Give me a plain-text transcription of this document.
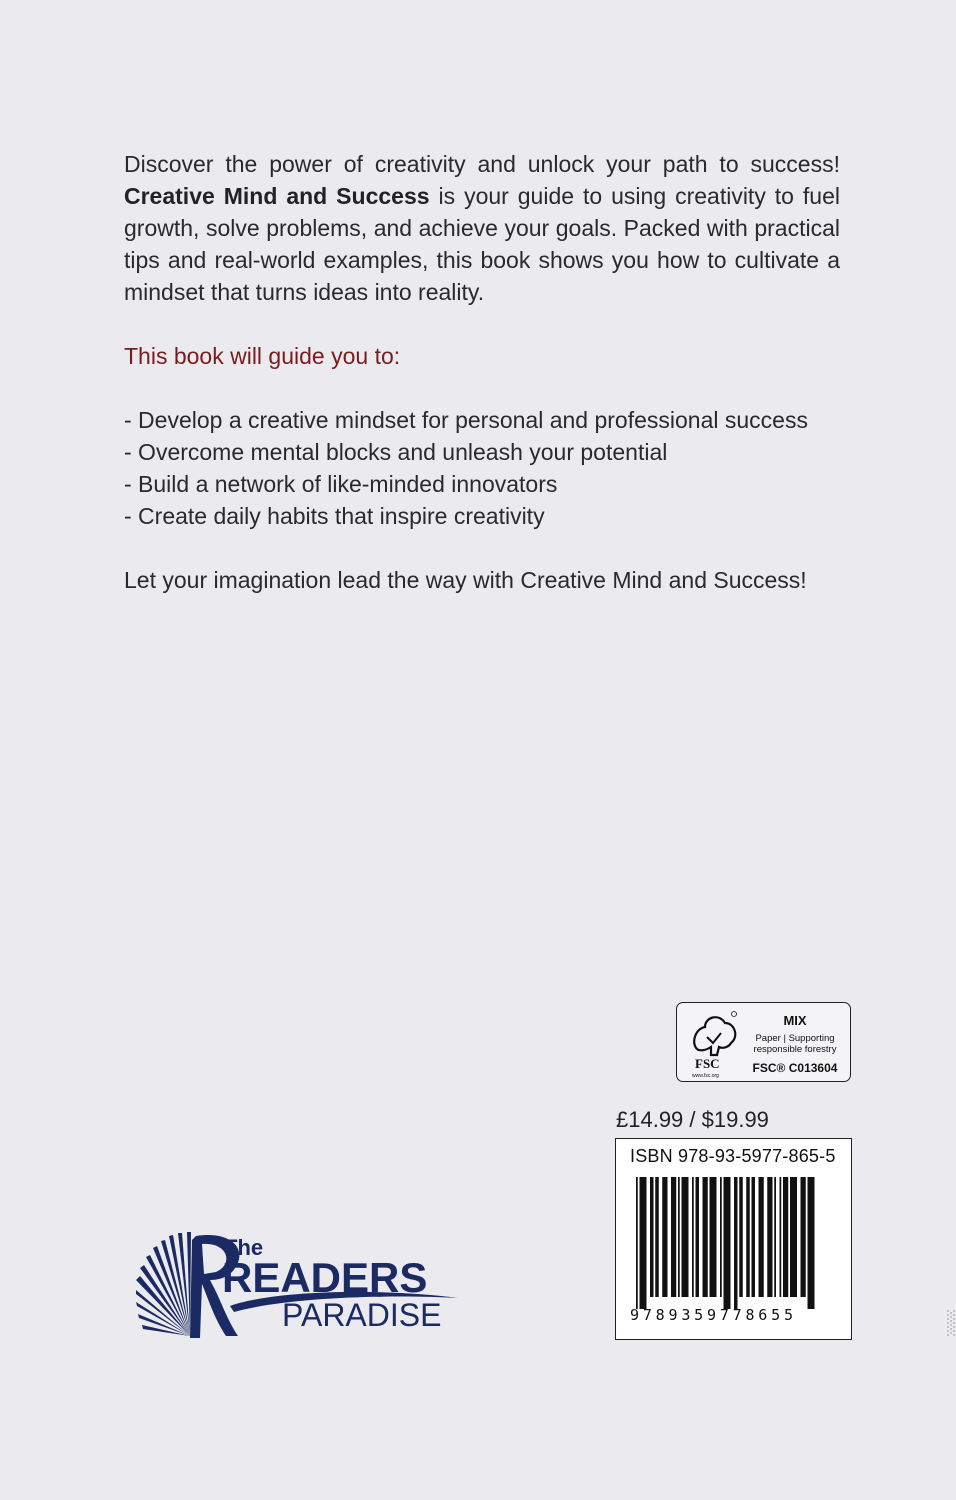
Discover the power of creativity and unlock your path to success! Creative Mind and Success is your guide to using creativity to fuel growth, solve problems, and achieve your goals. Packed with practical tips and real-world examples, this book shows you how to cultivate a mindset that turns ideas into reality.

This book will guide you to:

- Develop a creative mindset for personal and professional success

- Overcome mental blocks and unleash your potential

- Build a network of like-minded innovators

- Create daily habits that inspire creativity

Let your imagination lead the way with Creative Mind and Success!

FSC
www.fsc.org
MIX
Paper | Supporting responsible forestry
FSC® C013604
£14.99 / $19.99
ISBN 978-93-5977-865-5
9789359778655
The
READERS
PARADISE
